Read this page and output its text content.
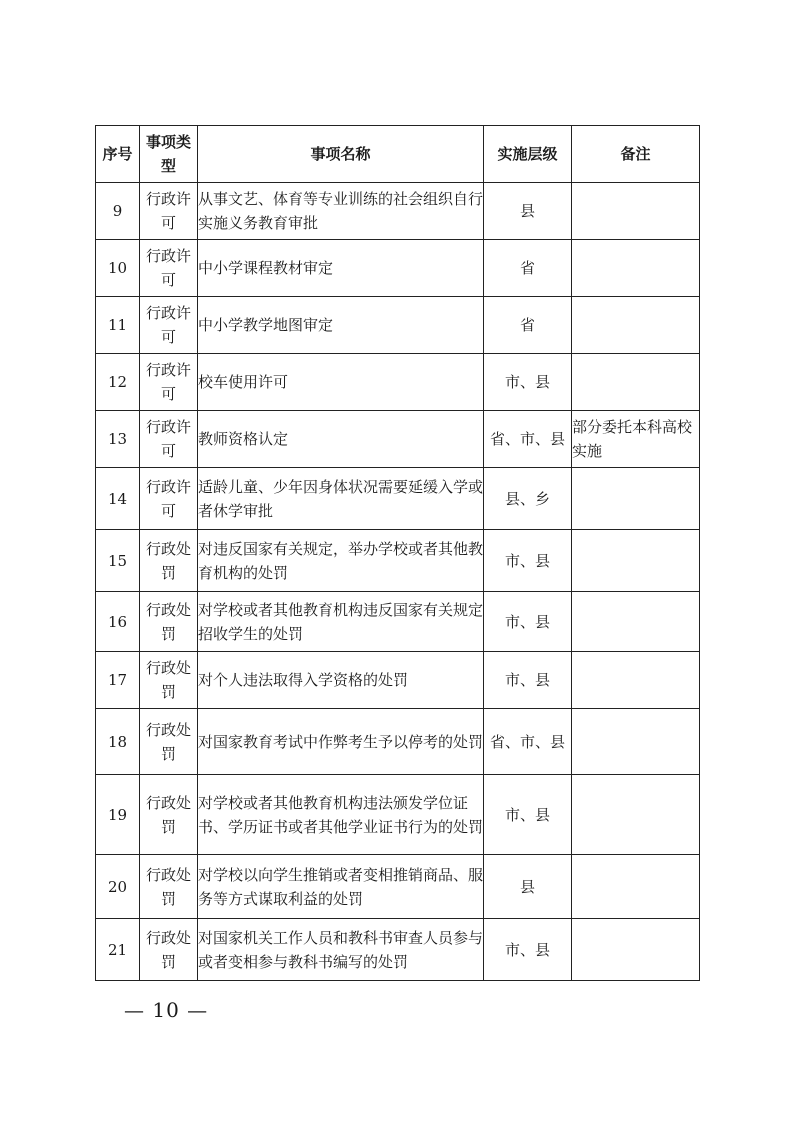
序号	事项类型	事项名称	实施层级	备注
9	行政许可	从事文艺、体育等专业训练的社会组织自行实施义务教育审批	县	
10	行政许可	中小学课程教材审定	省	
11	行政许可	中小学教学地图审定	省	
12	行政许可	校车使用许可	市、县	
13	行政许可	教师资格认定	省、市、县	部分委托本科高校实施
14	行政许可	适龄儿童、少年因身体状况需要延缓入学或者休学审批	县、乡	
15	行政处罚	对违反国家有关规定，举办学校或者其他教育机构的处罚	市、县	
16	行政处罚	对学校或者其他教育机构违反国家有关规定招收学生的处罚	市、县	
17	行政处罚	对个人违法取得入学资格的处罚	市、县	
18	行政处罚	对国家教育考试中作弊考生予以停考的处罚	省、市、县	
19	行政处罚	对学校或者其他教育机构违法颁发学位证书、学历证书或者其他学业证书行为的处罚	市、县	
20	行政处罚	对学校以向学生推销或者变相推销商品、服务等方式谋取利益的处罚	县	
21	行政处罚	对国家机关工作人员和教科书审查人员参与或者变相参与教科书编写的处罚	市、县	
— 10 —
